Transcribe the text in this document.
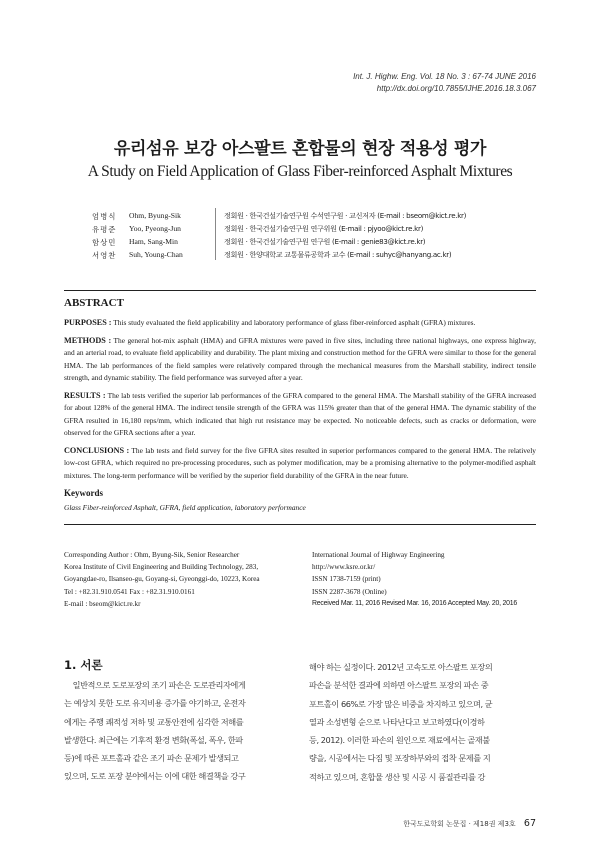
Int. J. Highw. Eng. Vol. 18 No. 3 : 67-74 JUNE 2016
http://dx.doi.org/10.7855/IJHE.2016.18.3.067
유리섬유 보강 아스팔트 혼합물의 현장 적용성 평가
A Study on Field Application of Glass Fiber-reinforced Asphalt Mixtures
엄병식 Ohm, Byung-Sik	정회원 · 한국건설기술연구원 수석연구원 · 교신저자 (E-mail : bseom@kict.re.kr)
유평준 Yoo, Pyeong-Jun	정회원 · 한국건설기술연구원 연구위원 (E-mail : pjyoo@kict.re.kr)
함상민 Ham, Sang-Min	정회원 · 한국건설기술연구원 연구원 (E-mail : genie83@kict.re.kr)
서영찬 Suh, Young-Chan	정회원 · 한양대학교 교통물류공학과 교수 (E-mail : suhyc@hanyang.ac.kr)
ABSTRACT
PURPOSES : This study evaluated the field applicability and laboratory performance of glass fiber-reinforced asphalt (GFRA) mixtures.
METHODS : The general hot-mix asphalt (HMA) and GFRA mixtures were paved in five sites, including three national highways, one express highway, and an arterial road, to evaluate field applicability and durability. The plant mixing and construction method for the GFRA were similar to those for the general HMA. The lab performances of the field samples were relatively compared through the mechanical measures from the Marshall stability, indirect tensile strength, and dynamic stability. The field performance was surveyed after a year.
RESULTS : The lab tests verified the superior lab performances of the GFRA compared to the general HMA. The Marshall stability of the GFRA increased for about 128% of the general HMA. The indirect tensile strength of the GFRA was 115% greater than that of the general HMA. The dynamic stability of the GFRA resulted in 16,180 reps/mm, which indicated that high rut resistance may be expected. No noticeable defects, such as cracks or deformation, were observed for the GFRA sections after a year.
CONCLUSIONS : The lab tests and field survey for the five GFRA sites resulted in superior performances compared to the general HMA. The relatively low-cost GFRA, which required no pre-processing procedures, such as polymer modification, may be a promising alternative to the polymer-modified asphalt mixtures. The long-term performance will be verified by the superior field durability of the GFRA in the near future.
Keywords
Glass Fiber-reinforced Asphalt, GFRA, field application, laboratory performance
Corresponding Author : Ohm, Byung-Sik, Senior Researcher
Korea Institute of Civil Engineering and Building Technology, 283,
Goyangdae-ro, Ilsanseo-gu, Goyang-si, Gyeonggi-do, 10223, Korea
Tel : +82.31.910.0541 Fax : +82.31.910.0161
E-mail : bseom@kict.re.kr
International Journal of Highway Engineering
http://www.ksre.or.kr/
ISSN 1738-7159 (print)
ISSN 2287-3678 (Online)
Received Mar. 11, 2016 Revised Mar. 16, 2016 Accepted May. 20, 2016
1. 서론
일반적으로 도로포장의 조기 파손은 도로관리자에게
는 예상치 못한 도로 유지비용 증가를 야기하고, 운전자
에게는 주행 쾌적성 저하 및 교통안전에 심각한 저해를
발생한다. 최근에는 기후적 환경 변화(폭설, 폭우, 한파
등)에 따른 포트홀과 같은 조기 파손 문제가 발생되고
있으며, 도로 포장 분야에서는 이에 대한 해결책을 강구
해야 하는 실정이다. 2012년 고속도로 아스팔트 포장의
파손을 분석한 결과에 의하면 아스팔트 포장의 파손 중
포트홀이 66%로 가장 많은 비중을 차지하고 있으며, 균
열과 소성변형 순으로 나타난다고 보고하였다(이경하
등, 2012). 이러한 파손의 원인으로 재료에서는 골재불
량을, 시공에서는 다짐 및 포장하부와의 접착 문제를 지
적하고 있으며, 혼합물 생산 및 시공 시 품질관리를 강
한국도로학회 논문집 · 제18권 제3호 67
